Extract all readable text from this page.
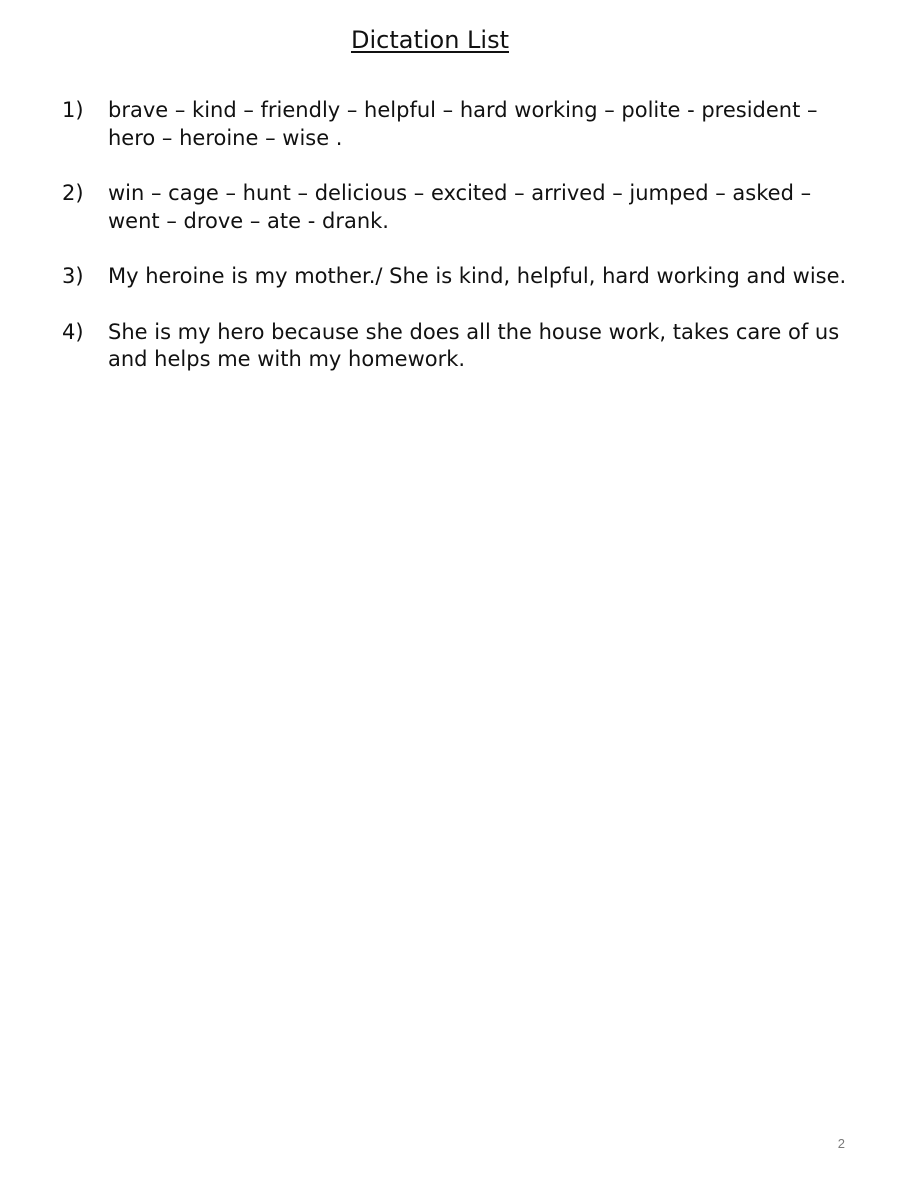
Dictation List
1)	brave – kind – friendly – helpful – hard working – polite - president –
hero – heroine – wise .
2)	win – cage – hunt – delicious – excited – arrived – jumped – asked –
went – drove – ate - drank.
3)	My heroine is my mother./ She is kind, helpful, hard working and wise.
4)	She is my hero because she does all the house work, takes care of us
and helps me with my homework.
2
